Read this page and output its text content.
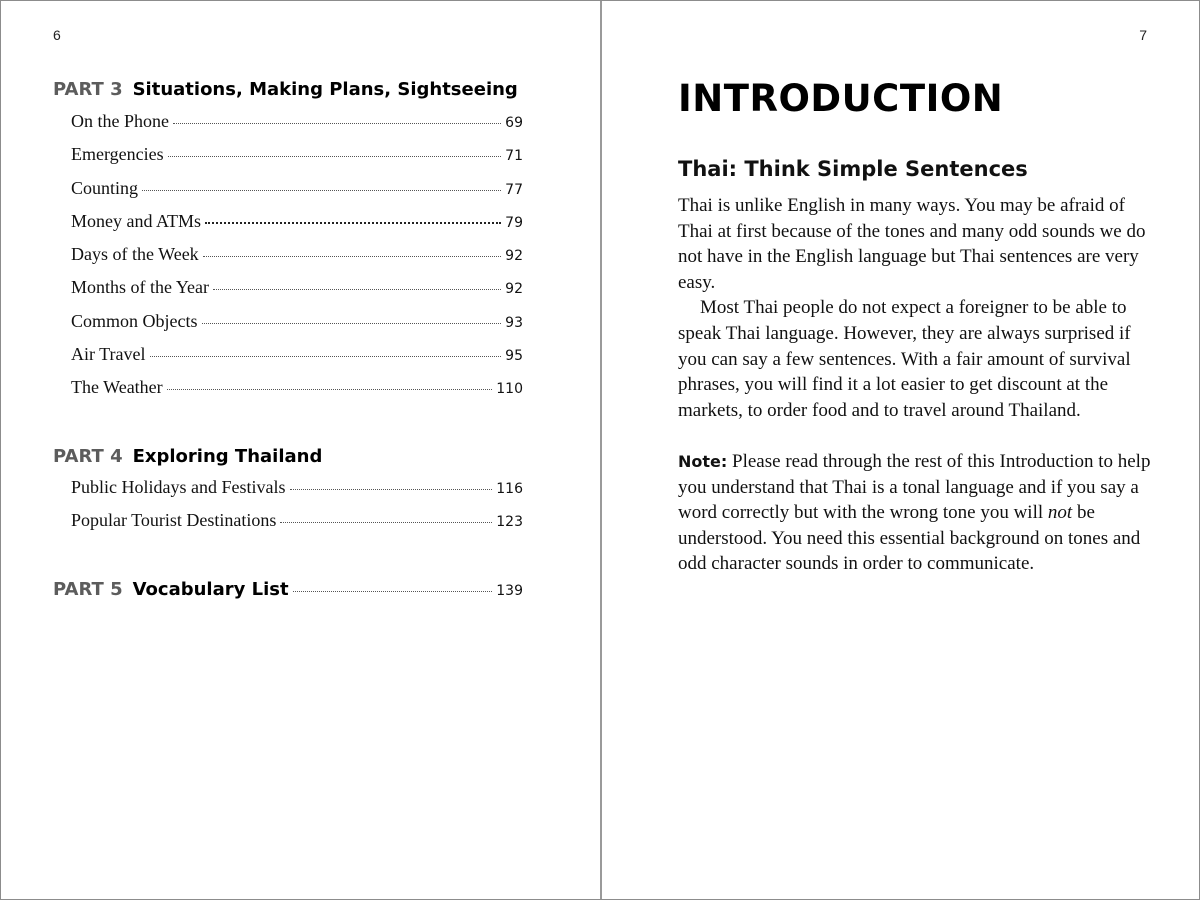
6
PART 3 Situations, Making Plans, Sightseeing
On the Phone	69
Emergencies	71
Counting	77
Money and ATMs	79
Days of the Week	92
Months of the Year	92
Common Objects	93
Air Travel	95
The Weather	110
PART 4 Exploring Thailand
Public Holidays and Festivals	116
Popular Tourist Destinations	123
PART 5 Vocabulary List	139
7
INTRODUCTION
Thai: Think Simple Sentences

Thai is unlike English in many ways. You may be afraid of Thai at first because of the tones and many odd sounds we do not have in the English language but Thai sentences are very easy.

Most Thai people do not expect a foreigner to be able to speak Thai language. However, they are always surprised if you can say a few sentences. With a fair amount of survival phrases, you will find it a lot easier to get discount at the markets, to order food and to travel around Thailand.

Note: Please read through the rest of this Introduction to help you understand that Thai is a tonal language and if you say a word correctly but with the wrong tone you will not be understood. You need this essential background on tones and odd character sounds in order to communicate.
